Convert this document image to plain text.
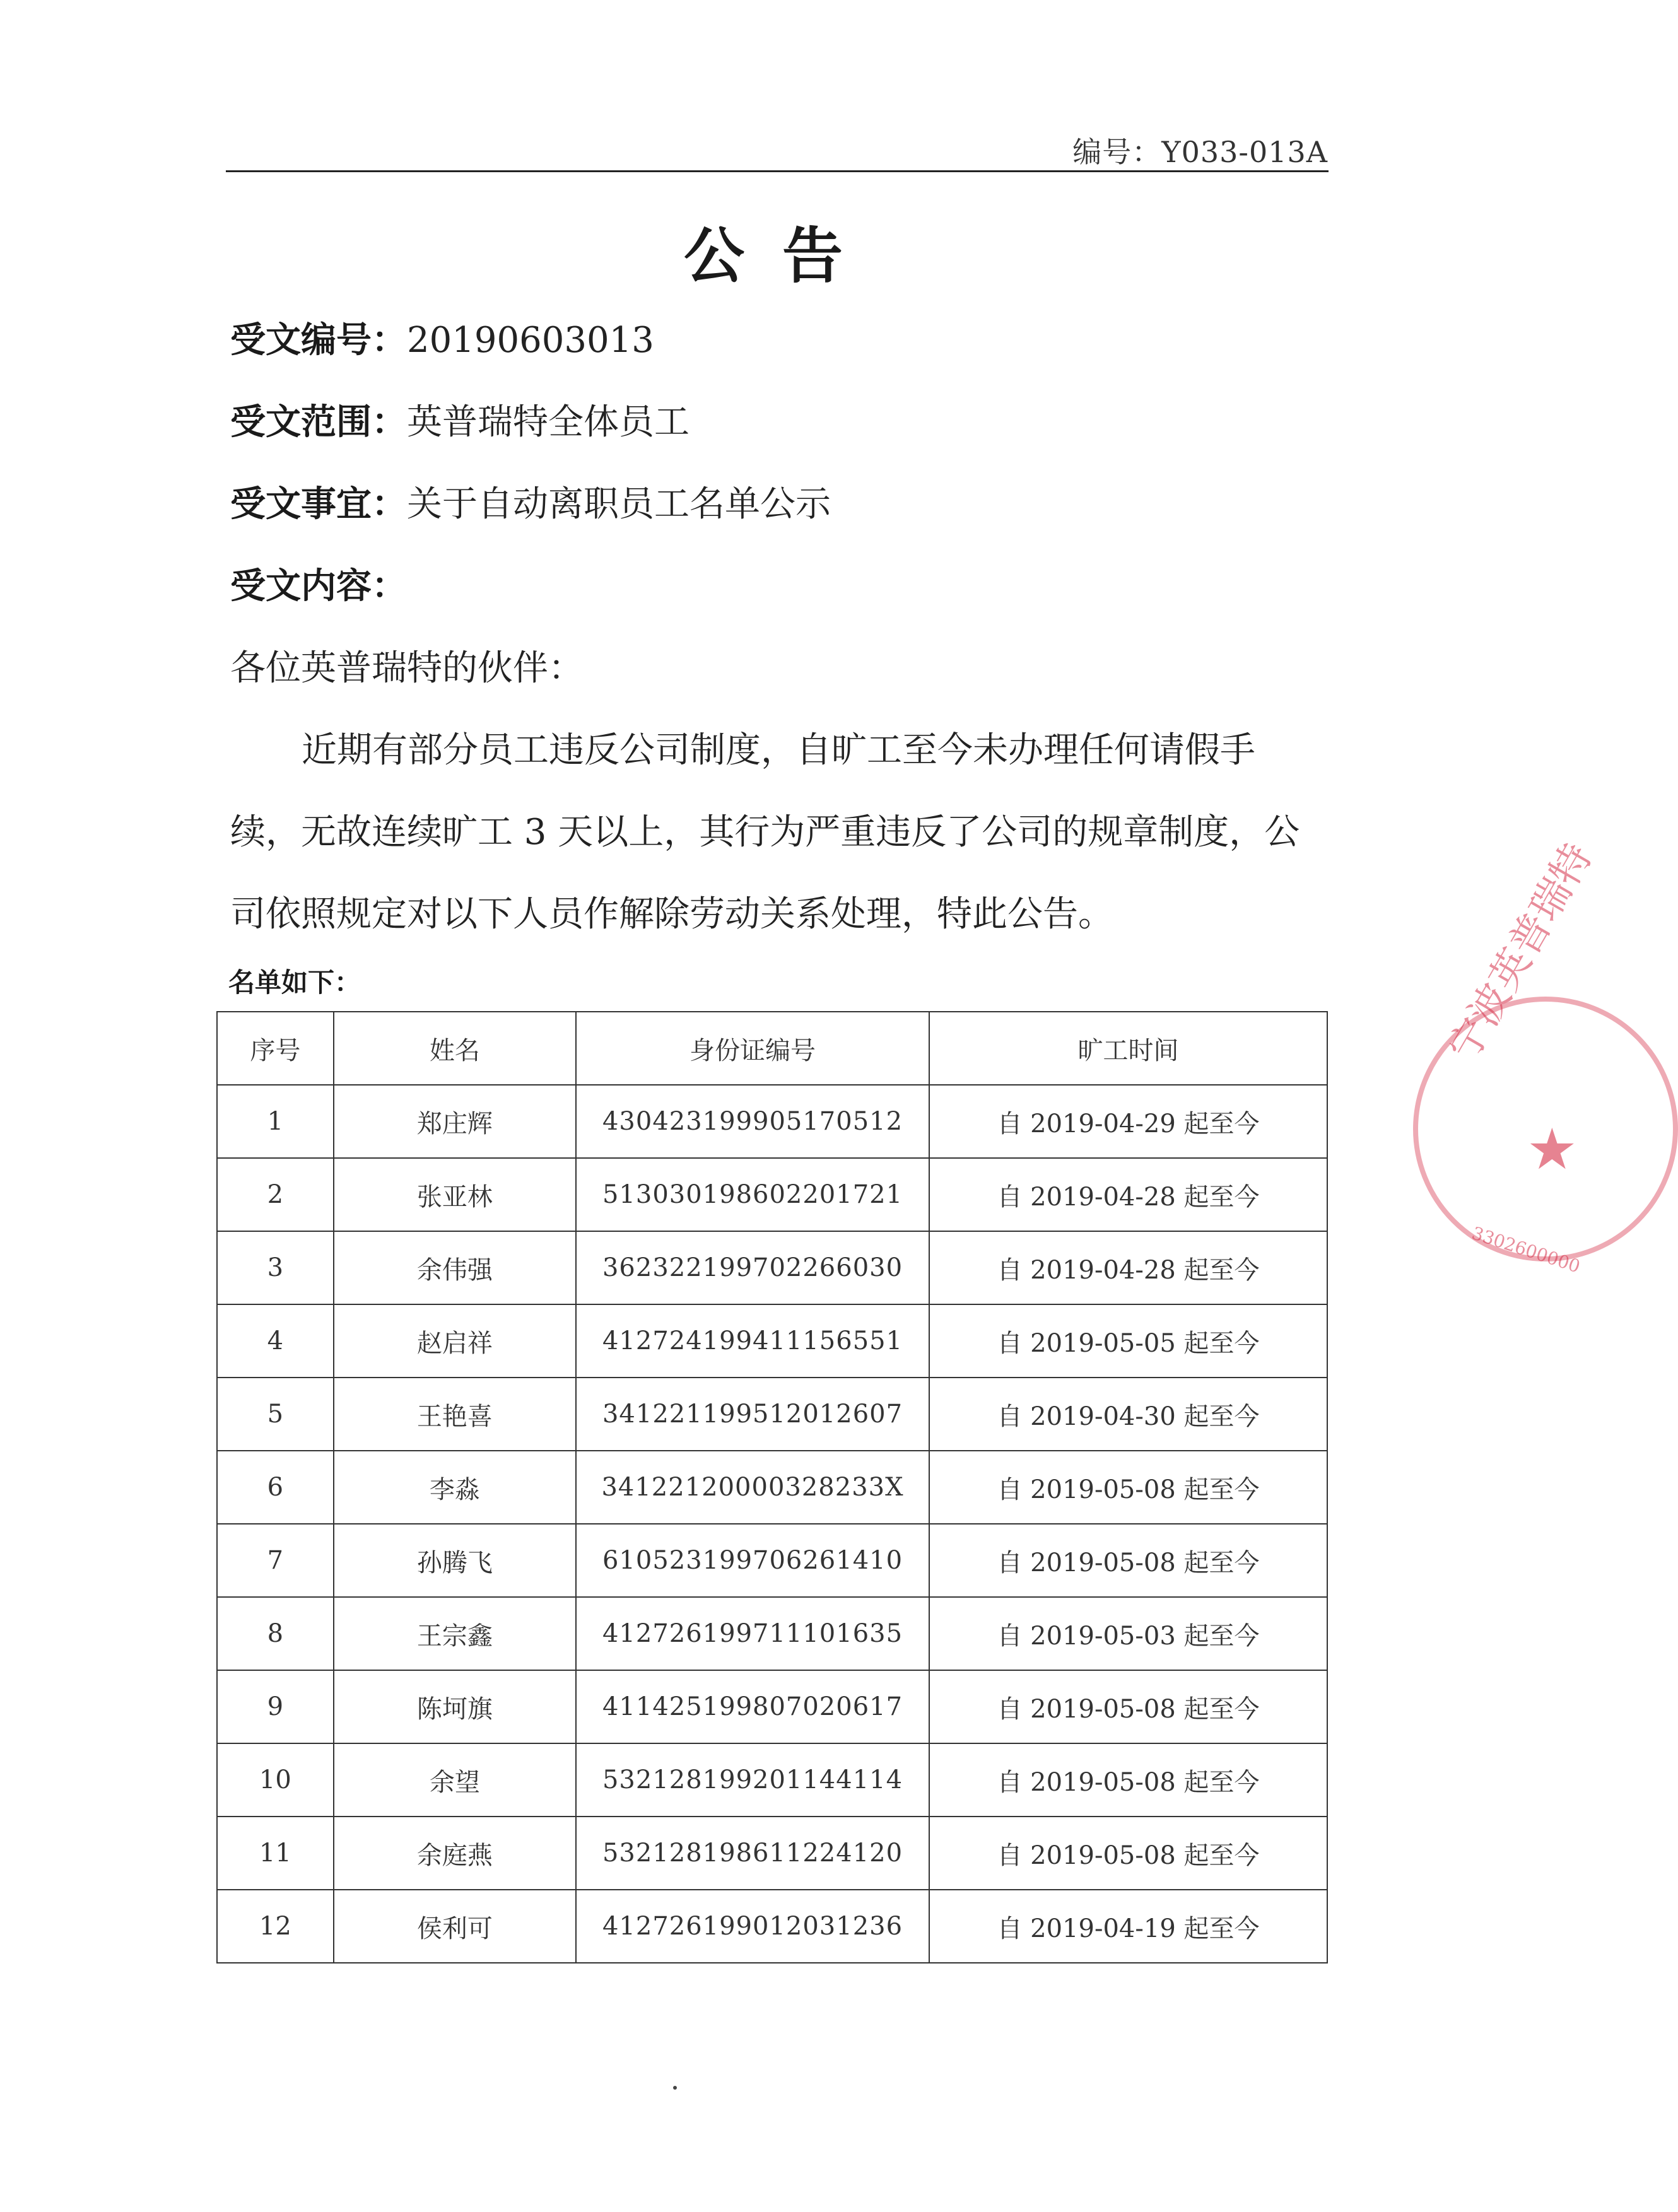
编号：Y033-013A
公告
受文编号：20190603013
受文范围：英普瑞特全体员工
受文事宜：关于自动离职员工名单公示
受文内容：
各位英普瑞特的伙伴：
近期有部分员工违反公司制度，自旷工至今未办理任何请假手
续，无故连续旷工 3 天以上，其行为严重违反了公司的规章制度，公
司依照规定对以下人员作解除劳动关系处理，特此公告。
名单如下：
序号	姓名	身份证编号	旷工时间
1	郑庄辉	430423199905170512	自 2019-04-29 起至今
2	张亚林	513030198602201721	自 2019-04-28 起至今
3	余伟强	362322199702266030	自 2019-04-28 起至今
4	赵启祥	412724199411156551	自 2019-05-05 起至今
5	王艳喜	341221199512012607	自 2019-04-30 起至今
6	李淼	34122120000328233X	自 2019-05-08 起至今
7	孙腾飞	610523199706261410	自 2019-05-08 起至今
8	王宗鑫	412726199711101635	自 2019-05-03 起至今
9	陈坷旗	411425199807020617	自 2019-05-08 起至今
10	余望	532128199201144114	自 2019-05-08 起至今
11	余庭燕	532128198611224120	自 2019-05-08 起至今
12	侯利可	412726199012031236	自 2019-04-19 起至今
宁波英普瑞特
★
3302600000
